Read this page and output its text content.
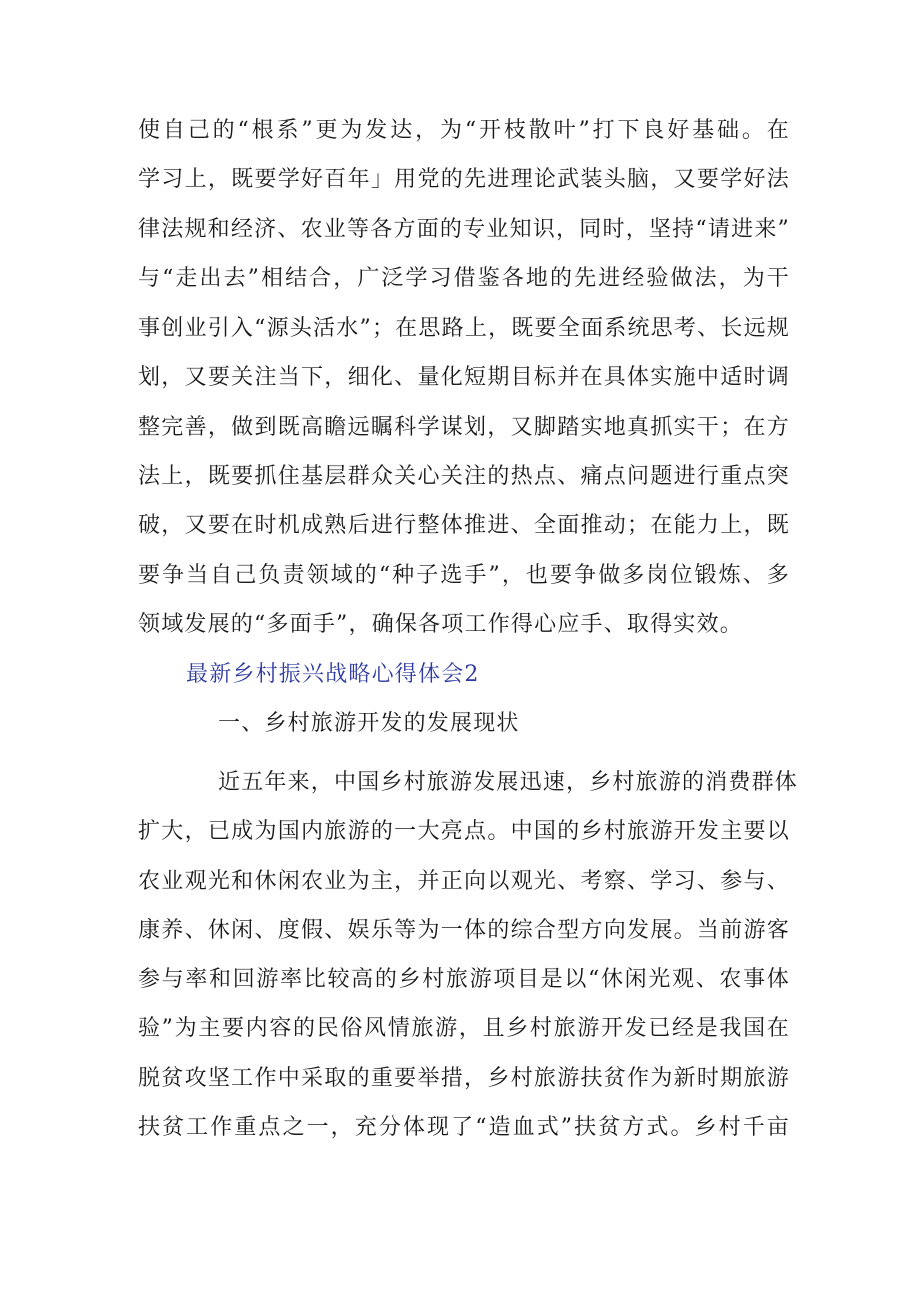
使自己的“根系”更为发达，为“开枝散叶”打下良好基础。在
学习上，既要学好百年」用党的先进理论武装头脑，又要学好法
律法规和经济、农业等各方面的专业知识，同时，坚持“请进来”
与“走出去”相结合，广泛学习借鉴各地的先进经验做法，为干
事创业引入“源头活水”；在思路上，既要全面系统思考、长远规
划，又要关注当下，细化、量化短期目标并在具体实施中适时调
整完善，做到既高瞻远瞩科学谋划，又脚踏实地真抓实干；在方
法上，既要抓住基层群众关心关注的热点、痛点问题进行重点突
破，又要在时机成熟后进行整体推进、全面推动；在能力上，既
要争当自己负责领域的“种子选手”，也要争做多岗位锻炼、多
领域发展的“多面手”，确保各项工作得心应手、取得实效。
最新乡村振兴战略心得体会2
一、乡村旅游开发的发展现状
近五年来，中国乡村旅游发展迅速，乡村旅游的消费群体
扩大，已成为国内旅游的一大亮点。中国的乡村旅游开发主要以
农业观光和休闲农业为主，并正向以观光、考察、学习、参与、
康养、休闲、度假、娱乐等为一体的综合型方向发展。当前游客
参与率和回游率比较高的乡村旅游项目是以“休闲光观、农事体
验”为主要内容的民俗风情旅游，且乡村旅游开发已经是我国在
脱贫攻坚工作中采取的重要举措，乡村旅游扶贫作为新时期旅游
扶贫工作重点之一，充分体现了“造血式”扶贫方式。乡村千亩
